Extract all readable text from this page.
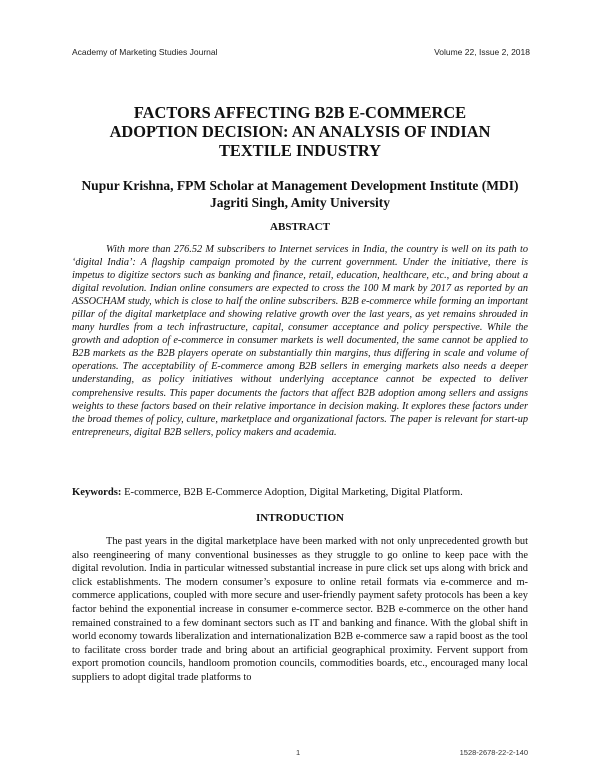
Academy of Marketing Studies Journal	Volume 22, Issue 2, 2018
FACTORS AFFECTING B2B E-COMMERCE
ADOPTION DECISION: AN ANALYSIS OF INDIAN
TEXTILE INDUSTRY
Nupur Krishna, FPM Scholar at Management Development Institute (MDI)
Jagriti Singh, Amity University
ABSTRACT

With more than 276.52 M subscribers to Internet services in India, the country is well on its path to ‘digital India’: A flagship campaign promoted by the current government. Under the initiative, there is impetus to digitize sectors such as banking and finance, retail, education, healthcare, etc., and bring about a digital revolution. Indian online consumers are expected to cross the 100 M mark by 2017 as reported by an ASSOCHAM study, which is close to half the online subscribers. B2B e-commerce while forming an important pillar of the digital marketplace and showing relative growth over the last years, as yet remains shrouded in many hurdles from a tech infrastructure, capital, consumer acceptance and policy perspective. While the growth and adoption of e-commerce in consumer markets is well documented, the same cannot be applied to B2B markets as the B2B players operate on substantially thin margins, thus differing in scale and volume of operations. The acceptability of E-commerce among B2B sellers in emerging markets also needs a deeper understanding, as policy initiatives without underlying acceptance cannot be expected to deliver comprehensive results. This paper documents the factors that affect B2B adoption among sellers and assigns weights to these factors based on their relative importance in decision making. It explores these factors under the broad themes of policy, culture, marketplace and organizational factors. The paper is relevant for start-up entrepreneurs, digital B2B sellers, policy makers and academia.

Keywords: E-commerce, B2B E-Commerce Adoption, Digital Marketing, Digital Platform.

INTRODUCTION

The past years in the digital marketplace have been marked with not only unprecedented growth but also reengineering of many conventional businesses as they struggle to go online to keep pace with the digital revolution. India in particular witnessed substantial increase in pure click set ups along with brick and click establishments. The modern consumer’s exposure to online retail formats via e-commerce and m-commerce applications, coupled with more secure and user-friendly payment safety protocols has been a key factor behind the exponential increase in consumer e-commerce sector. B2B e-commerce on the other hand remained constrained to a few dominant sectors such as IT and banking and finance. With the global shift in world economy towards liberalization and internationalization B2B e-commerce saw a rapid boost as the tool to facilitate cross border trade and bring about an artificial geographical proximity. Fervent support from export promotion councils, handloom promotion councils, commodities boards, etc., encouraged many local suppliers to adopt digital trade platforms to

1	1528-2678-22-2-140
